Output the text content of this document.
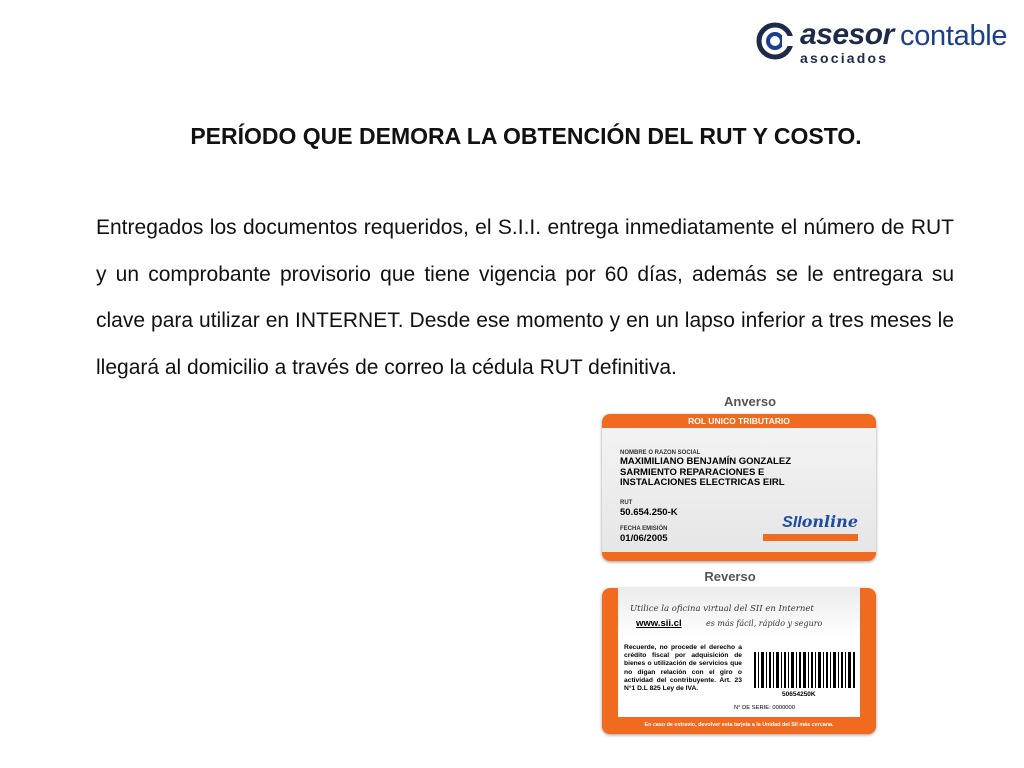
asesor contable
asociados
PERÍODO QUE DEMORA LA OBTENCIÓN DEL RUT Y COSTO.

Entregados los documentos requeridos, el S.I.I. entrega inmediatamente el número de RUT y un comprobante provisorio que tiene vigencia por 60 días, además se le entregara su clave para utilizar en INTERNET. Desde ese momento y en un lapso inferior a tres meses le llegará al domicilio a través de correo la cédula RUT definitiva.

Anverso
ROL UNICO TRIBUTARIO
NOMBRE O RAZON SOCIAL
MAXIMILIANO BENJAMÍN GONZALEZ
SARMIENTO REPARACIONES E
INSTALACIONES ELECTRICAS EIRL
RUT
50.654.250-K
FECHA EMISIÓN
01/06/2005
SIIonline
Reverso
Utilice la oficina virtual del SII en Internet
www.sii.cl	es más fácil, rápido y seguro
Recuerde, no procede el derecho a crédito fiscal por adquisición de bienes o utilización de servicios que no digan relación con el giro o actividad del contribuyente. Art. 23 N°1 D.L 825 Ley de IVA.
50654250K
N° DE SERIE: 0000000
En caso de extravío, devolver esta tarjeta a la Unidad del SII más cercana.
